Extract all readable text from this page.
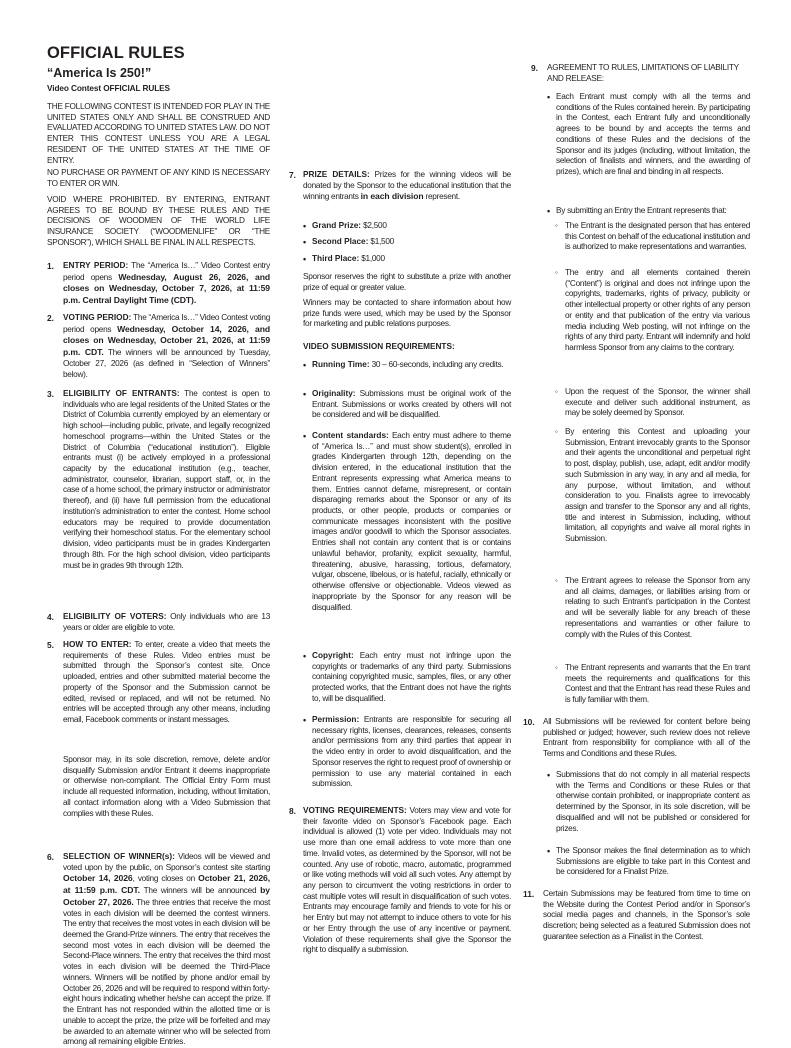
OFFICIAL RULES
“America Is 250!”
Video Contest OFFICIAL RULES
THE FOLLOWING CONTEST IS INTENDED FOR PLAY IN THE UNITED STATES ONLY AND SHALL BE CONSTRUED AND EVALUATED ACCORDING TO UNITED STATES LAW. DO NOT ENTER THIS CONTEST UNLESS YOU ARE A LEGAL RESIDENT OF THE UNITED STATES AT THE TIME OF ENTRY.
NO PURCHASE OR PAYMENT OF ANY KIND IS NECESSARY TO ENTER OR WIN.
VOID WHERE PROHIBITED. BY ENTERING, ENTRANT AGREES TO BE BOUND BY THESE RULES AND THE DECISIONS OF WOODMEN OF THE WORLD LIFE INSURANCE SOCIETY (“WOODMENLIFE” OR “THE SPONSOR”), WHICH SHALL BE FINAL IN ALL RESPECTS.
1. ENTRY PERIOD: The “America Is…” Video Contest entry period opens Wednesday, August 26, 2026, and closes on Wednesday, October 7, 2026, at 11:59 p.m. Central Daylight Time (CDT).
2. VOTING PERIOD: The “America Is…” Video Contest voting period opens Wednesday, October 14, 2026, and closes on Wednesday, October 21, 2026, at 11:59 p.m. CDT. The winners will be announced by Tuesday, October 27, 2026 (as defined in “Selection of Winners” below).
3. ELIGIBILITY OF ENTRANTS: The contest is open to individuals who are legal residents of the United States or the District of Columbia currently employed by an elementary or high school—including public, private, and legally recognized homeschool programs—within the United States or the District of Columbia (“educational institution”). Eligible entrants must (i) be actively employed in a professional capacity by the educational institution (e.g., teacher, administrator, counselor, librarian, support staff, or, in the case of a home school, the primary instructor or administrator thereof), and (ii) have full permission from the educational institution’s administration to enter the contest. Home school educators may be required to provide documentation verifying their homeschool status. For the elementary school division, video participants must be in grades Kindergarten through 8th. For the high school division, video participants must be in grades 9th through 12th.
4. ELIGIBILITY OF VOTERS: Only individuals who are 13 years or older are eligible to vote.
5. HOW TO ENTER: To enter, create a video that meets the requirements of these Rules. Video entries must be submitted through the Sponsor’s contest site. Once uploaded, entries and other submitted material become the property of the Sponsor and the Submission cannot be edited, revised or replaced, and will not be returned. No entries will be accepted through any other means, including email, Facebook comments or instant messages.
Sponsor may, in its sole discretion, remove, delete and/or disqualify Submission and/or Entrant it deems inappropriate or otherwise non-compliant. The Official Entry Form must include all requested information, including, without limitation, all contact information along with a Video Submission that complies with these Rules.
6. SELECTION OF WINNER(s): Videos will be viewed and voted upon by the public, on Sponsor’s contest site starting October 14, 2026, voting closes on October 21, 2026, at 11:59 p.m. CDT. The winners will be announced by October 27, 2026. The three entries that receive the most votes in each division will be deemed the contest winners. The entry that receives the most votes in each division will be deemed the Grand-Prize winners. The entry that receives the second most votes in each division will be deemed the Second-Place winners. The entry that receives the third most votes in each division will be deemed the Third-Place winners. Winners will be notified by phone and/or email by October 26, 2026 and will be required to respond within forty-eight hours indicating whether he/she can accept the prize. If the Entrant has not responded within the allotted time or is unable to accept the prize, the prize will be forfeited and may be awarded to an alternate winner who will be selected from among all remaining eligible Entries.
9. AGREEMENT TO RULES, LIMITATIONS OF LIABILITY AND RELEASE:
• Each Entrant must comply with all the terms and conditions of the Rules contained herein. By participating in the Contest, each Entrant fully and unconditionally agrees to be bound by and accepts the terms and conditions of these Rules and the decisions of the Sponsor and its judges (including, without limitation, the selection of finalists and winners, and the awarding of prizes), which are final and binding in all respects.
• By submitting an Entry the Entrant represents that:
◦ The Entrant is the designated person that has entered this Contest on behalf of the educational institution and is authorized to make representations and warranties.
◦ The entry and all elements contained therein (“Content”) is original and does not infringe upon the copyrights, trademarks, rights of privacy, publicity or other intellectual property or other rights of any person or entity and that publication of the entry via various media including Web posting, will not infringe on the rights of any third party. Entrant will indemnify and hold harmless Sponsor from any claims to the contrary.
◦ Upon the request of the Sponsor, the winner shall execute and deliver such additional instrument, as may be solely deemed by Sponsor.
◦ By entering this Contest and uploading your Submission, Entrant irrevocably grants to the Sponsor and their agents the unconditional and perpetual right to post, display, publish, use, adapt, edit and/or modify such Submission in any way, in any and all media, for any purpose, without limitation, and without consideration to you. Finalists agree to irrevocably assign and transfer to the Sponsor any and all rights, title and interest in Submission, including, without limitation, all copyrights and waive all moral rights in Submission.
◦ The Entrant agrees to release the Sponsor from any and all claims, damages, or liabilities arising from or relating to such Entrant’s participation in the Contest and will be severally liable for any breach of these representations and warranties or other failure to comply with the Rules of this Contest.
◦ The Entrant represents and warrants that the En trant meets the requirements and qualifications for this Contest and that the Entrant has read these Rules and is fully familiar with them.
10. All Submissions will be reviewed for content before being published or judged; however, such review does not relieve Entrant from responsibility for compliance with all of the Terms and Conditions and these Rules.
• Submissions that do not comply in all material respects with the Terms and Conditions or these Rules or that otherwise contain prohibited, or inappropriate content as determined by the Sponsor, in its sole discretion, will be disqualified and will not be published or considered for prizes.
• The Sponsor makes the final determination as to which Submissions are eligible to take part in this Contest and be considered for a Finalist Prize.
11. Certain Submissions may be featured from time to time on the Website during the Contest Period and/or in Sponsor’s social media pages and channels, in the Sponsor’s sole discretion; being selected as a featured Submission does not guarantee selection as a Finalist in the Contest.
7. PRIZE DETAILS: Prizes for the winning videos will be donated by the Sponsor to the educational institution that the winning entrants in each division represent.
• Grand Prize: $2,500
• Second Place: $1,500
• Third Place: $1,000
Sponsor reserves the right to substitute a prize with another prize of equal or greater value.
Winners may be contacted to share information about how prize funds were used, which may be used by the Sponsor for marketing and public relations purposes.
VIDEO SUBMISSION REQUIREMENTS:
• Running Time: 30 – 60-seconds, including any credits.
• Originality: Submissions must be original work of the Entrant. Submissions or works created by others will not be considered and will be disqualified.
• Content standards: Each entry must adhere to theme of “America Is…” and must show student(s), enrolled in grades Kindergarten through 12th, depending on the division entered, in the educational institution that the Entrant represents expressing what America means to them. Entries cannot defame, misrepresent, or contain disparaging remarks about the Sponsor or any of its products, or other people, products or companies or communicate messages inconsistent with the positive images and/or goodwill to which the Sponsor associates. Entries shall not contain any content that is or contains unlawful behavior, profanity, explicit sexuality, harmful, threatening, abusive, harassing, tortious, defamatory, vulgar, obscene, libelous, or is hateful, racially, ethnically or otherwise offensive or objectionable. Videos viewed as inappropriate by the Sponsor for any reason will be disqualified.
• Copyright: Each entry must not infringe upon the copyrights or trademarks of any third party. Submissions containing copyrighted music, samples, files, or any other protected works, that the Entrant does not have the rights to, will be disqualified.
• Permission: Entrants are responsible for securing all necessary rights, licenses, clearances, releases, consents and/or permissions from any third parties that appear in the video entry in order to avoid disqualification, and the Sponsor reserves the right to request proof of ownership or permission to use any material contained in each submission.
8. VOTING REQUIREMENTS: Voters may view and vote for their favorite video on Sponsor’s Facebook page. Each individual is allowed (1) vote per video. Individuals may not use more than one email address to vote more than one time. Invalid votes, as determined by the Sponsor, will not be counted. Any use of robotic, macro, automatic, programmed or like voting methods will void all such votes. Any attempt by any person to circumvent the voting restrictions in order to cast multiple votes will result in disqualification of such votes. Entrants may encourage family and friends to vote for his or her Entry but may not attempt to induce others to vote for his or her Entry through the use of any incentive or payment. Violation of these requirements shall give the Sponsor the right to disqualify a submission.
